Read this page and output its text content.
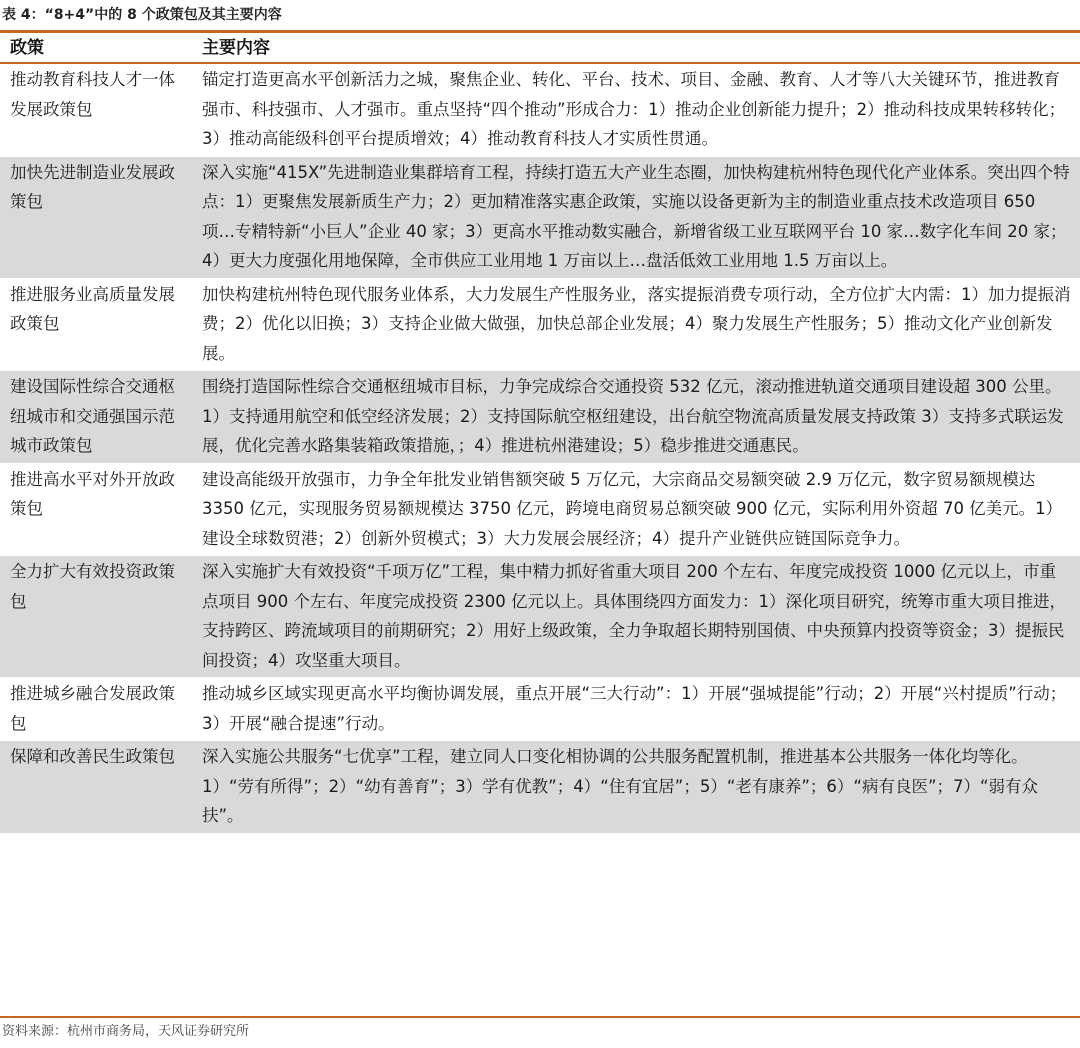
表 4：“8+4”中的 8 个政策包及其主要内容
政策	主要内容
推动教育科技人才一体发展政策包	锚定打造更高水平创新活力之城，聚焦企业、转化、平台、技术、项目、金融、教育、人才等八大关键环节，推进教育强市、科技强市、人才强市。重点坚持“四个推动”形成合力：1）推动企业创新能力提升；2）推动科技成果转移转化；3）推动高能级科创平台提质增效；4）推动教育科技人才实质性贯通。
加快先进制造业发展政策包	深入实施“415X”先进制造业集群培育工程，持续打造五大产业生态圈，加快构建杭州特色现代化产业体系。突出四个特点：1）更聚焦发展新质生产力；2）更加精准落实惠企政策，实施以设备更新为主的制造业重点技术改造项目 650 项…专精特新“小巨人”企业 40 家；3）更高水平推动数实融合，新增省级工业互联网平台 10 家…数字化车间 20 家；4）更大力度强化用地保障，全市供应工业用地 1 万亩以上…盘活低效工业用地 1.5 万亩以上。
推进服务业高质量发展政策包	加快构建杭州特色现代服务业体系，大力发展生产性服务业，落实提振消费专项行动，全方位扩大内需：1）加力提振消费；2）优化以旧换；3）支持企业做大做强，加快总部企业发展；4）聚力发展生产性服务；5）推动文化产业创新发展。
建设国际性综合交通枢纽城市和交通强国示范城市政策包	围绕打造国际性综合交通枢纽城市目标，力争完成综合交通投资 532 亿元，滚动推进轨道交通项目建设超 300 公里。1）支持通用航空和低空经济发展；2）支持国际航空枢纽建设，出台航空物流高质量发展支持政策 3）支持多式联运发展，优化完善水路集装箱政策措施，；4）推进杭州港建设；5）稳步推进交通惠民。
推进高水平对外开放政策包	建设高能级开放强市，力争全年批发业销售额突破 5 万亿元，大宗商品交易额突破 2.9 万亿元，数字贸易额规模达 3350 亿元，实现服务贸易额规模达 3750 亿元，跨境电商贸易总额突破 900 亿元，实际利用外资超 70 亿美元。1）建设全球数贸港；2）创新外贸模式；3）大力发展会展经济；4）提升产业链供应链国际竞争力。
全力扩大有效投资政策包	深入实施扩大有效投资“千项万亿”工程，集中精力抓好省重大项目 200 个左右、年度完成投资 1000 亿元以上，市重点项目 900 个左右、年度完成投资 2300 亿元以上。具体围绕四方面发力：1）深化项目研究，统筹市重大项目推进，支持跨区、跨流域项目的前期研究；2）用好上级政策，全力争取超长期特别国债、中央预算内投资等资金；3）提振民间投资；4）攻坚重大项目。
推进城乡融合发展政策包	推动城乡区域实现更高水平均衡协调发展，重点开展“三大行动”：1）开展“强城提能”行动；2）开展“兴村提质”行动；3）开展“融合提速”行动。
保障和改善民生政策包	深入实施公共服务“七优享”工程，建立同人口变化相协调的公共服务配置机制，推进基本公共服务一体化均等化。1）“劳有所得”；2）“幼有善育”；3）学有优教”；4）“住有宜居”；5）“老有康养”；6）“病有良医”；7）“弱有众扶”。
资料来源：杭州市商务局，天风证券研究所
